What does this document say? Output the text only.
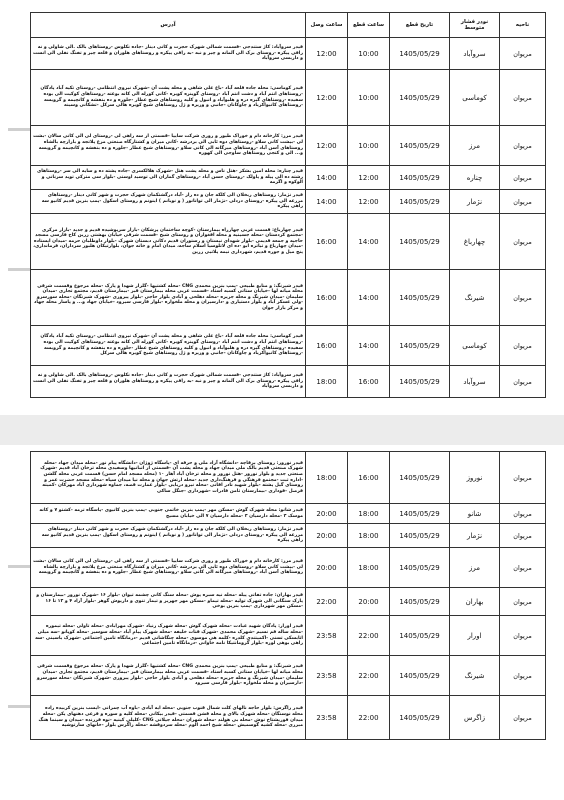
ناحیه	نودر فشار متوسط	تاریخ قطع	ساعت قطع	ساعت وصل	آدرس
مریوان	سروآباد	1405/05/29	10:00	12:00	فیدر سروآباد: کاژ ستندجی -قسمت شمالی شهرک حجرت و کانی دیناز -جاده نکلوس -روستاهای بالک .الی شاولی و نه رافی پیکره -روستای برک الی آلمانه و چیر و نبه -به رافی پیکره و روستاهای هلوزان و قلعه چیر و تفنگ نقلی الی انست و داربسی سروآباد
مریوان	کوماسی	1405/05/29	10:00	12:00	فیدر کوماسی: محله جاده قلعه آباد -باغ علی شاهی و محله پشت آن -شهرک نیروی انتظامی -روستای تکیه آباد پادگان -روستاهای انتم آباد و دشت انتم آباد -روستای گوینره کوبره -کانی کورله الی کانه بوغته -روستاهای کوکیت الی بوده سفیده -روستاهای گیره دره و هلبوآباد و انبول و کلیه روستاهای شیخ عطار -جلوره و ده بنفشه و کانچیمه و گرویسه -روستاهای کانیواکرباد و چاوکانان -جانبی و وزیره و ژل روستاهای شیخ کویره هالی سرکل -تشکانی وسینه
مریوان	مرز	1405/05/29	10:00	12:00	فیدر مرز: کارخانه دام و خوراک طیور و روری شرکت سایپا -قسمتی از سه راهی لی -روستای لی الی کانی سالان -بشت لی -بیشت کانی سلاو -روستاهای دوه ئابی الی بردرشه -کانی میران و کشتارگاه صنعتی مرغ پلاتجه و بازارچه بالشاه روستاهای آسن آباد -روستاهای میرگانه الی کانی سلاو -روستاهای شیخ عطار -جلوره و ده بنفشه و کانچیمه و گرویسه و... الی و کنجی روستاهای ساوجی الی کهوزه
مریوان	چناره	1405/05/29	12:00	14:00	فیدر چناره: محله امین بشکر -هتل ناس و محله پشت هتل -شهرک هلالکسری -جاده پشته ده و سایه الی سر -روستاهای رشته ده الی پیله و پاولک -روستای حسن آباد -روستاهای گماران الی توسید اوستی -بلوار سی مترکی توید سرنانی و الوکوه و اگرمه
مریوان	نژمار	1405/05/29	12:00	14:00	فیدر نژمار: روستاهای ربخلان الی کلکه جان و ده راز -آباد درگشتکمان شهرک حجرت و شهر کانی دیناز -روستاهای مزرعه الی پیکره -روستای دزدلی -نژمار الی توانانور ( و نوبانم ) اینونم و روستای اسکول -پمپ بنزین قدیم کانیو سه راهی پیکره
مریوان	چهارباغ	1405/05/29	14:00	16:00	فیدر چهارباغ: قسمت غربی چهارراه بیمارستان -کوچه ساختمان پزشکان -بازار سرپوشیده قدیم و جدید -بازار مرکزی -مجتمع کردستان -محله جسینیه و محله افغوازان و روستای شیخ -قسمت شرقی خیابان بهشتی زرین کاخ فارسی مسجد حاجیه و جمعه قدیمی -بلوار شهدای نیستان و رستوران قدیم دکانی دبستان شهرک -بلوار داوطلبان حزمه -میدان ایستاده -میدان چهارباغ و تیاتره ابو -ده ای لاتلوسیا اسلام ساجه، میدان امام و خانه جوان، بلوارتیکان هلبوز سرداران، فرمانداری، پنج میل و جوره قدیم، شهرداری نیمه پلاتیی زرین
مریوان	شیرنگ	1405/05/29	14:00	16:00	فیدر شیرنگ: و منابع طبیعی -پمپ بنزین محمدی CNG -محله کشتیها -گلزار شهدا و پارک -محله مرجوع وقسمت شرقی محله میانه لها -خیابان ستاتی کسبه استاد -قسمت غربی محله بیمارستان قبر -بیمارستان قدیم، مجتمع تجاری -میدان سلیمان -میدان شیرنگ و محله جزیره -محله دهلحی و آبادی بلوار حاجی -بلوار پیروزی -شهرک شیرنگان -محله سورسرو -ولی عسکر آباد و بلوار دستیاری و -دارسیران و محله ملخواره -بلوار فارسی سیرود -خیابان جهاد و... و پاسار محله جهاد و مرکز بازار جوان
مریوان	کوماسی	1405/05/29	14:00	16:00	فیدر کوماسی: محله جاده قلعه آباد -باغ علی شاهی و محله پشت آن -شهرک نیروی انتظامی -روستای تکیه آباد پادگان -روستاهای انتم آباد و دشت انتم آباد -روستای گوینره کوبره -کانی کورله الی کانه بوغته -روستاهای کوکیت الی بوده سفیده -روستاهای گیره دره و هلبوآباد و انبول و کلیه روستاهای شیخ عطار -جلوره و ده بنفشه و کانچیمه و گرویسه -روستاهای کانیواکرباد و چاوکانان -جانبی و وزیره و ژل روستاهای شیخ کویره هالی سرکل
مریوان	سروآباد	1405/05/29	16:00	18:00	فیدر سروآباد: کاژ ستندجی -قسمت شمالی شهرک حجرت و کانی دیناز -جاده نکلوس -روستاهای بالک .الی شاولی و نه رافی پیکره -روستای برک الی آلمانه و چیر و نبه -به رافی پیکره و روستاهای هلوزان و قلعه چیر و تفنگ نقلی الی انست و داربسی سروآباد
مریوان	نوروز	1405/05/29	16:00	18:00	فیدر نوروز: روستای برقاچه -دانشگاه آزاد ملی و حرفه ای -پاسگاه ژوژان -دانشگاه پیام نور -محله میدان جهاد -محله شهرک صنعتی قدیم بالک ملی میدان جهاد و محله پشت آن -قسمتی از اتبانیها وسفیدی محله ترخان آباد قدیم -شهرک صنعتی جدید و بلوار نوروز -هتل نوروز و محله ترخان آباد آهار ۱۰ (محله مسجد امام حسن) قسمت غربی محله گلشن -اداره ثبت -مجتمع فرهنگی و فرهنگ‌داری جدید -محله ارتش جهان و محله نیا میدان سپاه -محله مسجد حضرت عمر و روستای گیل پشته -بلوار شهید نادر اقانی -محله نیرو دریایی -بلوار عمارت قصه، جماوه شهرداری آباد مهرکان -کمیته فرصل -فوداری -بیمارستان ثامن فادرات -شهرداری -جنگل ساکی
مریوان	شانو	1405/05/29	18:00	20:00	فیدر شانو: محله شهرک گوش -مسکن مهر -پمپ بنزین خاتمی جنوبی -پمپ بنزین کانیوی -پاسگاه ترمه -کشتو ۷ و کانه موسک ۳ -محله دارسیان ۳ -محله دارسیان ۷ الی خیابان مسیح
مریوان	نژمار	1405/05/29	18:00	20:00	فیدر نژمار: روستاهای ربخلان الی کلکه جان و ده راز -آباد درگشتکمان شهرک حجرت و شهر کانی دیناز -روستاهای مزرعه الی پیکره -روستای دزدلی -نژمار الی توانانور ( و نوبانم ) اینونم و روستای اسکول -پمپ بنزین قدیم کانیو سه راهی پیکره
مریوان	مرز	1405/05/29	18:00	20:00	فیدر مرز: کارخانه دام و خوراک طیور و روری شرکت سایپا -قسمتی از سه راهی لی -روستای لی الی کانی سالان -بشت لی -بیشت کانی سلاو -روستاهای دوه ئابی الی بردرشه -کانی میران و کشتارگاه صنعتی مرغ پلاتجه و بازارچه بالشاه روستاهای آسن آباد -روستاهای میرگانه الی کانی سلاو -روستاهای شیخ عطار -جلوره و ده بنفشه و کانچیمه و گرویسه
مریوان	بهاران	1405/05/29	20:00	22:00	فیدر بهاران: جاده تفاتی پیله -محله نیه سبزه پوش -محله سنگ کانی چشمه تیوان -بلوار ۱۶ -شهرک نوروز -بیمارستان و پارک سنگانی الی شهرک تولیه -محله تیماو -مسکن مهر جهریز و تیمار تنوی و داریوش گوهر -بلوار آزاد ۴ و ۱۲ تا ۱۶ -مسکن مهر شهرداری -پمپ بنزین بوخی
مریوان	اورار	1405/05/29	22:00	23:58	فیدر اورار: پادگان شهید عبادت -محله شهرک گوش -محله شهرک زنیاد -شهرک مهرابادی -محله تاولی -محله تیموره -محله ساله قم نسیم -شهرک محمدی -شهرک قنات خلیفه -محله شهرک پیام آباد -محله سوسیر -محله کوپانو -سه میلی اثابسکی تسنی -اکمیتندی کلدره -کلمه هی موسوی -محله چنگاشانی قدیم -درمانگاه تامین اجتماعی -شهرک یاسینی -سه راهی بوهی لوزه -بلوار گرومانتیکا نامه خاوانی -درمانگاه تامین اجتماعی
مریوان	شیرنگ	1405/05/29	22:00	23:58	فیدر شیرنگ: و منابع طبیعی -پمپ بنزین محمدی CNG -محله کشتیها -گلزار شهدا و پارک -محله مرجوع وقسمت شرقی محله میانه لها -خیابان ستاتی کسبه استاد -قسمت غربی محله بیمارستان قبر -بیمارستان قدیم، مجتمع تجاری -میدان سلیمان -میدان شیرنگ و محله جزیره -محله دهلحی و آبادی بلوار حاجی -بلوار پیروزی -شهرک شیرنگان -محله سورسرو -دارسیران و محله ملخواره -بلوار فارسی سیرود
مریوان	زاگرس	1405/05/29	22:00	23:58	فیدر زاگرس: بلوار حاجه نالهای کلت شمال قنوب جنوبی -محله ایه آبادی -باوه آب چمرانی -ایسب بنزین کربیده راده محله نوسنگان -محله شهرک بالای و محله قشن قسمتی -فیدر بیکانی -محله کلیه و سوره و فرعی دهنهای پکن -محله میدان فوریشتاخ نوش -محله بی هولند -محله شهران -محله جیلانی CNG -کلیلی کینیه -نوه فرزنده -میدان و سینما هنگ میرزی -محله کشیه گوسمیش -محله شیخ احمد الوم -محله سردوقشه -محله زاگرس بلوار -خانهای سارتوشیه
